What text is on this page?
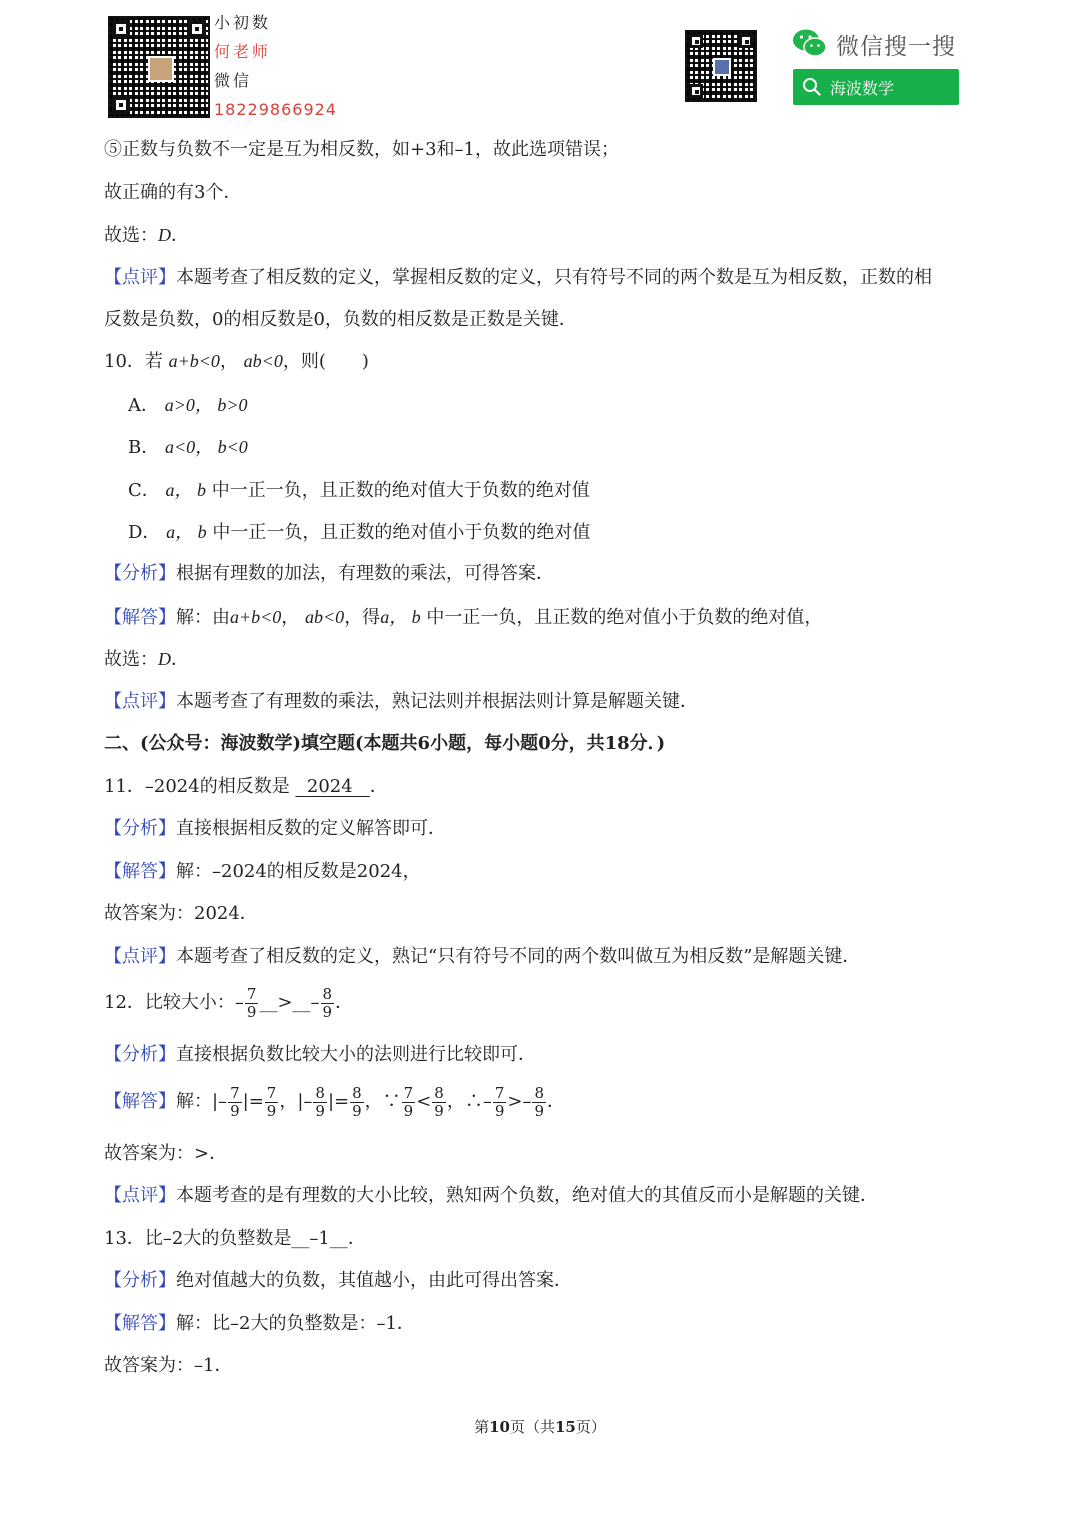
小初数
何老师
微信
18229866924
微信搜一搜
海波数学
⑤正数与负数不一定是互为相反数，如+3和–1，故此选项错误；
故正确的有3个．
故选：D．
【点评】本题考查了相反数的定义，掌握相反数的定义，只有符号不同的两个数是互为相反数，正数的相
反数是负数，0的相反数是0，负数的相反数是正数是关键．
10．若 a+b<0， ab<0，则(　　)
A． a>0， b>0
B． a<0， b<0
C． a， b 中一正一负，且正数的绝对值大于负数的绝对值
D． a， b 中一正一负，且正数的绝对值小于负数的绝对值
【分析】根据有理数的加法，有理数的乘法，可得答案．
【解答】解：由a+b<0， ab<0，得a， b 中一正一负，且正数的绝对值小于负数的绝对值，
故选：D．
【点评】本题考查了有理数的乘法，熟记法则并根据法则计算是解题关键．
二、(公众号：海波数学)填空题(本题共6小题，每小题0分，共18分．)
11．–2024的相反数是 2024 ．
【分析】直接根据相反数的定义解答即可．
【解答】解：–2024的相反数是2024，
故答案为：2024．
【点评】本题考查了相反数的定义，熟记“只有符号不同的两个数叫做互为相反数”是解题关键．
12．比较大小：– $\frac{7}{9}$ __>__– $\frac{8}{9}$ ．
【分析】直接根据负数比较大小的法则进行比较即可．
【解答】解：|– $\frac{7}{9}$ |= $\frac{7}{9}$ ，|– $\frac{8}{9}$ |= $\frac{8}{9}$ ，∵ $\frac{7}{9} < \frac{8}{9}$ ，∴– $\frac{7}{9} >- \frac{8}{9}$ ．
故答案为：>．
【点评】本题考查的是有理数的大小比较，熟知两个负数，绝对值大的其值反而小是解题的关键．
13．比–2大的负整数是__–1__．
【分析】绝对值越大的负数，其值越小，由此可得出答案．
【解答】解：比–2大的负整数是：–1．
故答案为：–1．
第10页（共15页）
